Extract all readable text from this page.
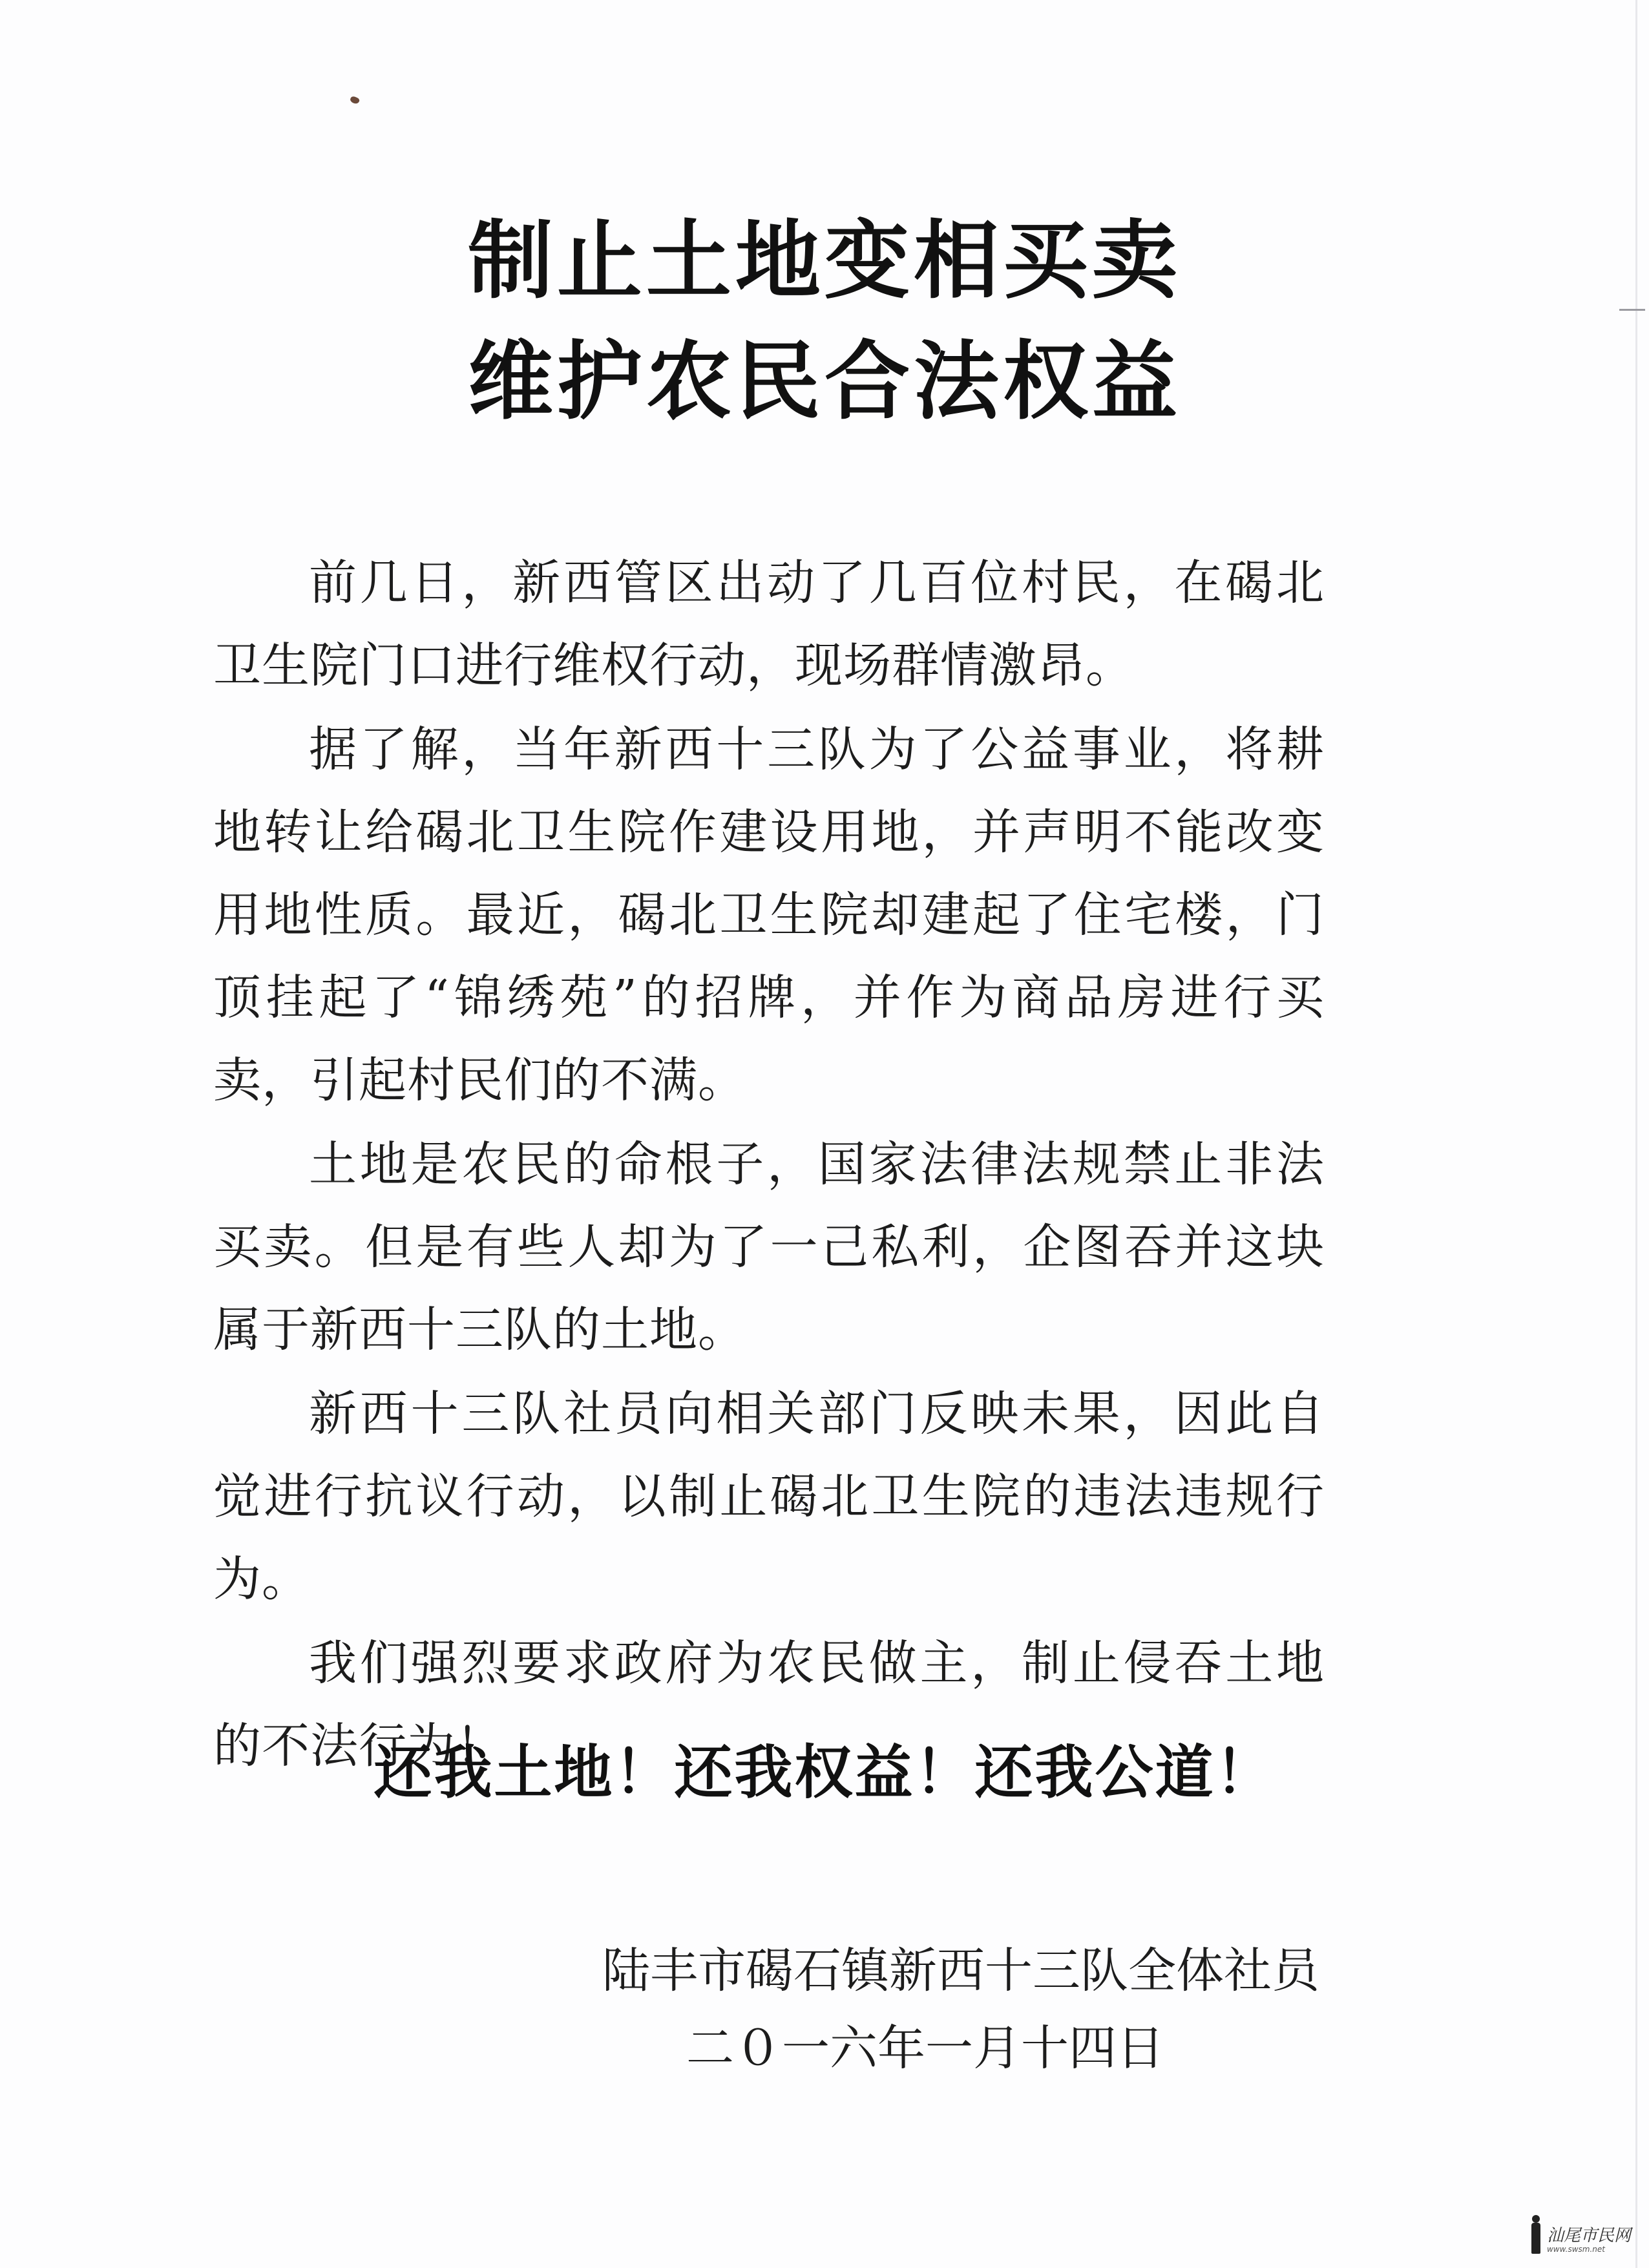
制止土地变相买卖
维护农民合法权益

前几日，新西管区出动了几百位村民，在碣北卫生院门口进行维权行动，现场群情激昂。

据了解，当年新西十三队为了公益事业，将耕地转让给碣北卫生院作建设用地，并声明不能改变用地性质。最近，碣北卫生院却建起了住宅楼，门顶挂起了“锦绣苑”的招牌，并作为商品房进行买卖，引起村民们的不满。

土地是农民的命根子，国家法律法规禁止非法买卖。但是有些人却为了一己私利，企图吞并这块属于新西十三队的土地。

新西十三队社员向相关部门反映未果，因此自觉进行抗议行动，以制止碣北卫生院的违法违规行为。

我们强烈要求政府为农民做主，制止侵吞土地的不法行为！

还我土地！还我权益！还我公道！
陆丰市碣石镇新西十三队全体社员

二０一六年一月十四日
汕尾市民网
www.swsm.net
